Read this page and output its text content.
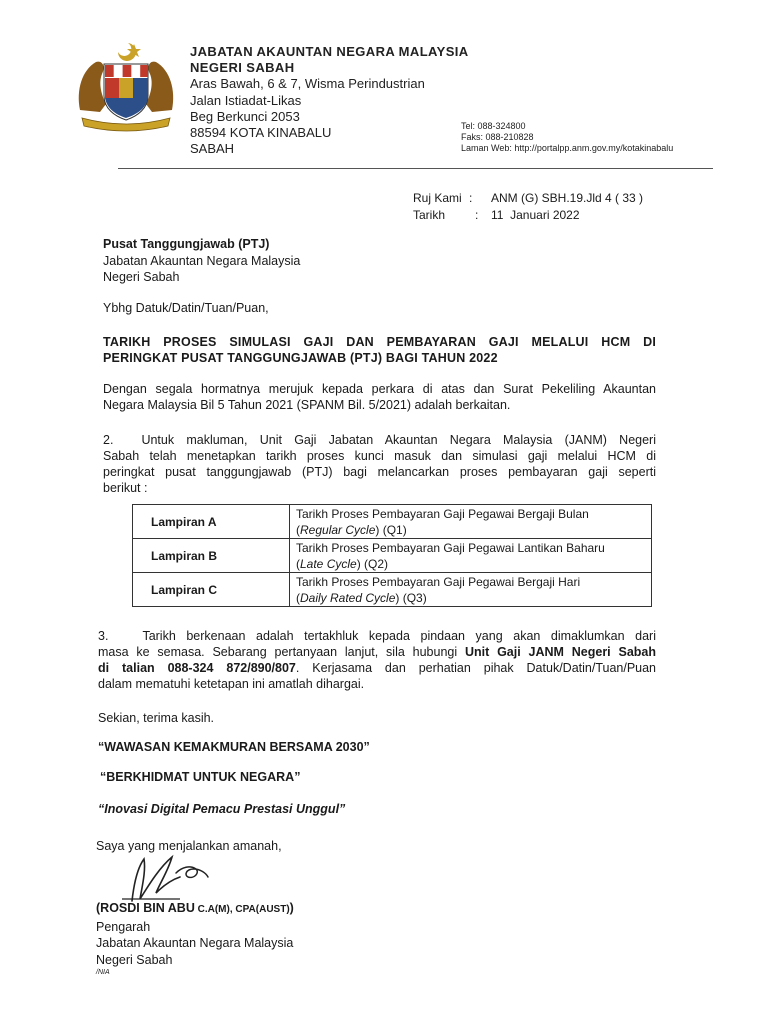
JABATAN AKAUNTAN NEGARA MALAYSIA
NEGERI SABAH
Aras Bawah, 6 & 7, Wisma Perindustrian
Jalan Istiadat-Likas
Beg Berkunci 2053
88594 KOTA KINABALU
SABAH
Tel: 088-324800
Faks: 088-210828
Laman Web: http://portalpp.anm.gov.my/kotakinabalu
Ruj Kami : ANM (G) SBH.19.Jld 4 ( 33 )
Tarikh : 11  Januari 2022
Pusat Tanggungjawab (PTJ)
Jabatan Akauntan Negara Malaysia
Negeri Sabah
Ybhg Datuk/Datin/Tuan/Puan,
TARIKH PROSES SIMULASI GAJI DAN PEMBAYARAN GAJI MELALUI HCM DI
PERINGKAT PUSAT TANGGUNGJAWAB (PTJ) BAGI TAHUN 2022
Dengan segala hormatnya merujuk kepada perkara di atas dan Surat Pekeliling Akauntan
Negara Malaysia Bil 5 Tahun 2021 (SPANM Bil. 5/2021) adalah berkaitan.
2. Untuk makluman, Unit Gaji Jabatan Akauntan Negara Malaysia (JANM) Negeri
Sabah telah menetapkan tarikh proses kunci masuk dan simulasi gaji melalui HCM di
peringkat pusat tanggungjawab (PTJ) bagi melancarkan proses pembayaran gaji seperti
berikut :
Lampiran A	Tarikh Proses Pembayaran Gaji Pegawai Bergaji Bulan
(Regular Cycle) (Q1)

Lampiran B	Tarikh Proses Pembayaran Gaji Pegawai Lantikan Baharu
(Late Cycle) (Q2)

Lampiran C	Tarikh Proses Pembayaran Gaji Pegawai Bergaji Hari
(Daily Rated Cycle) (Q3)
3.	Tarikh berkenaan adalah tertakhluk kepada pindaan yang akan dimaklumkan dari
masa ke semasa. Sebarang pertanyaan lanjut, sila hubungi Unit Gaji JANM Negeri Sabah
di talian 088-324 872/890/807. Kerjasama dan perhatian pihak Datuk/Datin/Tuan/Puan
dalam mematuhi ketetapan ini amatlah dihargai.
Sekian, terima kasih.
“WAWASAN KEMAKMURAN BERSAMA 2030”
“BERKHIDMAT UNTUK NEGARA”
“Inovasi Digital Pemacu Prestasi Unggul”
Saya yang menjalankan amanah,
(ROSDI BIN ABU C.A(M), CPA(AUST))
Pengarah
Jabatan Akauntan Negara Malaysia
Negeri Sabah
/NIA
